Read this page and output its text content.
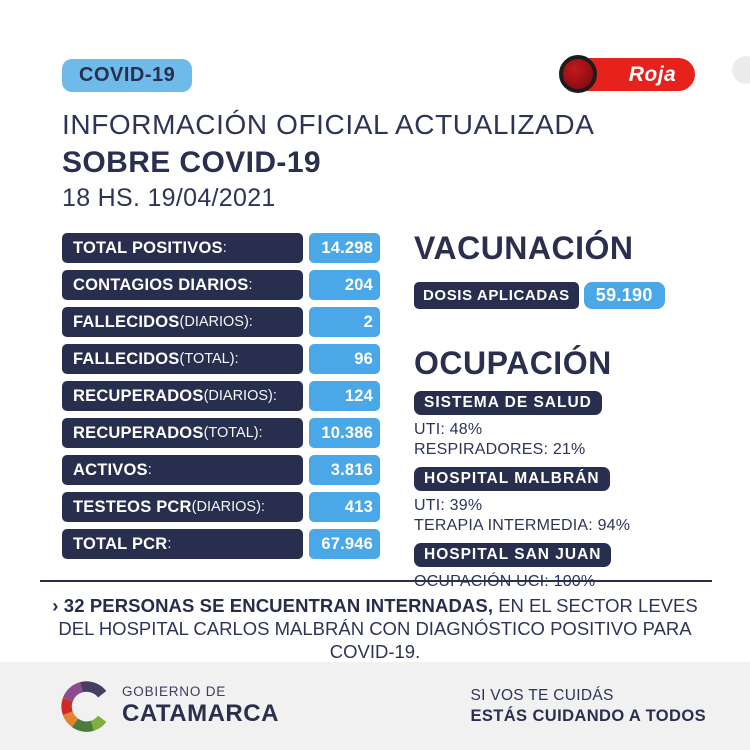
COVID-19	Roja
INFORMACIÓN OFICIAL ACTUALIZADA
SOBRE COVID-19
18 HS. 19/04/2021
TOTAL POSITIVOS :	14.298
CONTAGIOS DIARIOS :	204
FALLECIDOS (DIARIOS):	2
FALLECIDOS (TOTAL):	96
RECUPERADOS (DIARIOS):	124
RECUPERADOS (TOTAL):	10.386
ACTIVOS :	3.816
TESTEOS PCR (DIARIOS):	413
TOTAL PCR :	67.946
VACUNACIÓN
DOSIS APLICADAS	59.190
OCUPACIÓN
SISTEMA DE SALUD
UTI: 48%
RESPIRADORES: 21%
HOSPITAL MALBRÁN
UTI: 39%
TERAPIA INTERMEDIA: 94%
HOSPITAL SAN JUAN
› 32 PERSONAS SE ENCUENTRAN INTERNADAS, EN EL SECTOR LEVES DEL HOSPITAL CARLOS MALBRÁN CON DIAGNÓSTICO POSITIVO PARA COVID-19.
GOBIERNO DE
CATAMARCA
SI VOS TE CUIDÁS
ESTÁS CUIDANDO A TODOS
